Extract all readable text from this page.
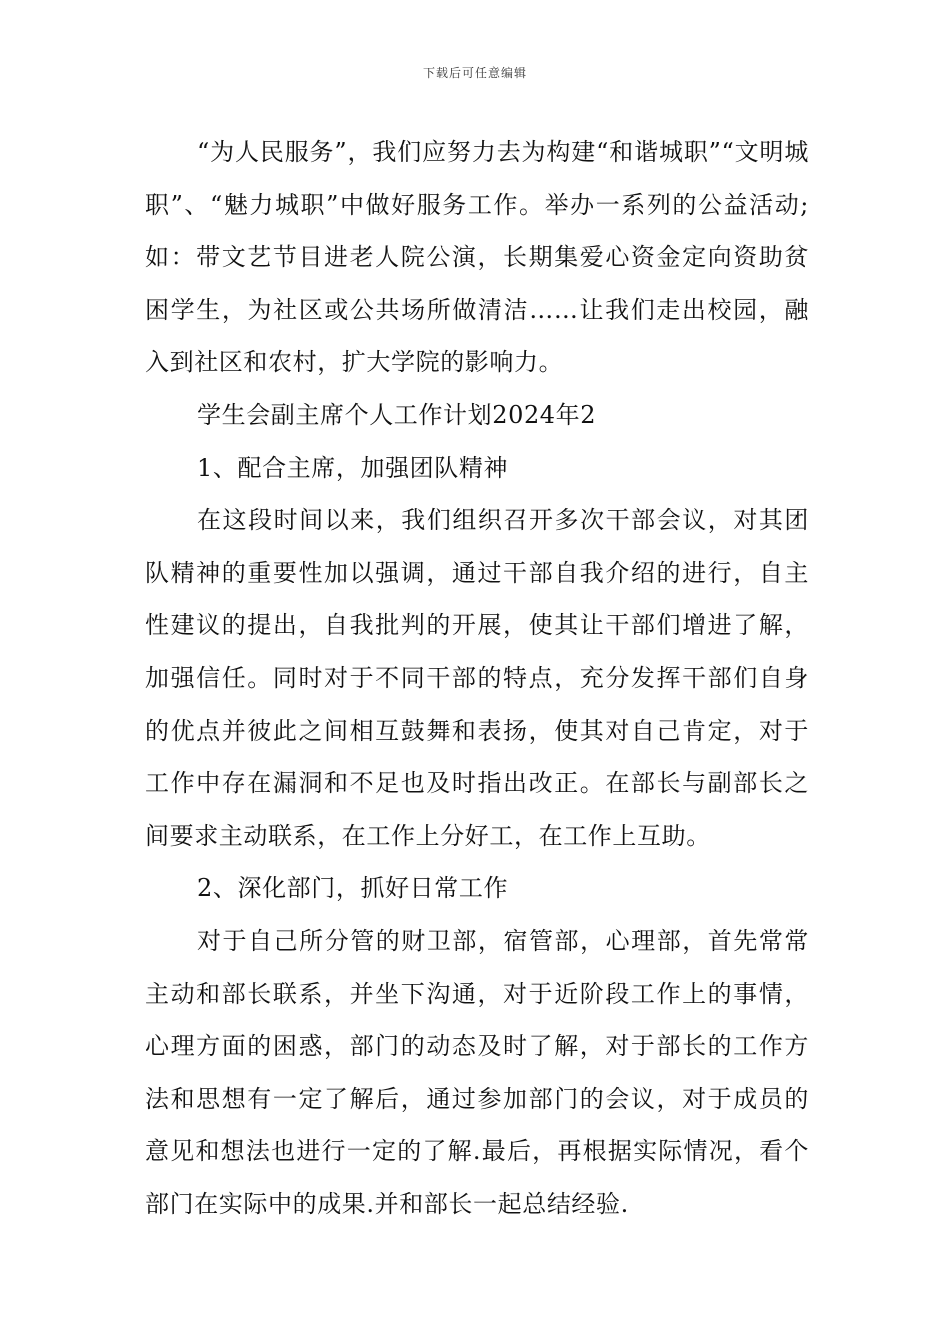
下载后可任意编辑

“为人民服务”，我们应努力去为构建“和谐城职”“文明城职”、“魅力城职”中做好服务工作。举办一系列的公益活动;如：带文艺节目进老人院公演，长期集爱心资金定向资助贫困学生，为社区或公共场所做清洁……让我们走出校园，融入到社区和农村，扩大学院的影响力。

学生会副主席个人工作计划2024年2

1、配合主席，加强团队精神

在这段时间以来，我们组织召开多次干部会议，对其团队精神的重要性加以强调，通过干部自我介绍的进行，自主性建议的提出，自我批判的开展，使其让干部们增进了解，加强信任。同时对于不同干部的特点，充分发挥干部们自身的优点并彼此之间相互鼓舞和表扬，使其对自己肯定，对于工作中存在漏洞和不足也及时指出改正。在部长与副部长之间要求主动联系，在工作上分好工，在工作上互助。

2、深化部门，抓好日常工作

对于自己所分管的财卫部，宿管部，心理部，首先常常主动和部长联系，并坐下沟通，对于近阶段工作上的事情，心理方面的困惑，部门的动态及时了解，对于部长的工作方法和思想有一定了解后，通过参加部门的会议，对于成员的意见和想法也进行一定的了解.最后，再根据实际情况，看个部门在实际中的成果.并和部长一起总结经验.
